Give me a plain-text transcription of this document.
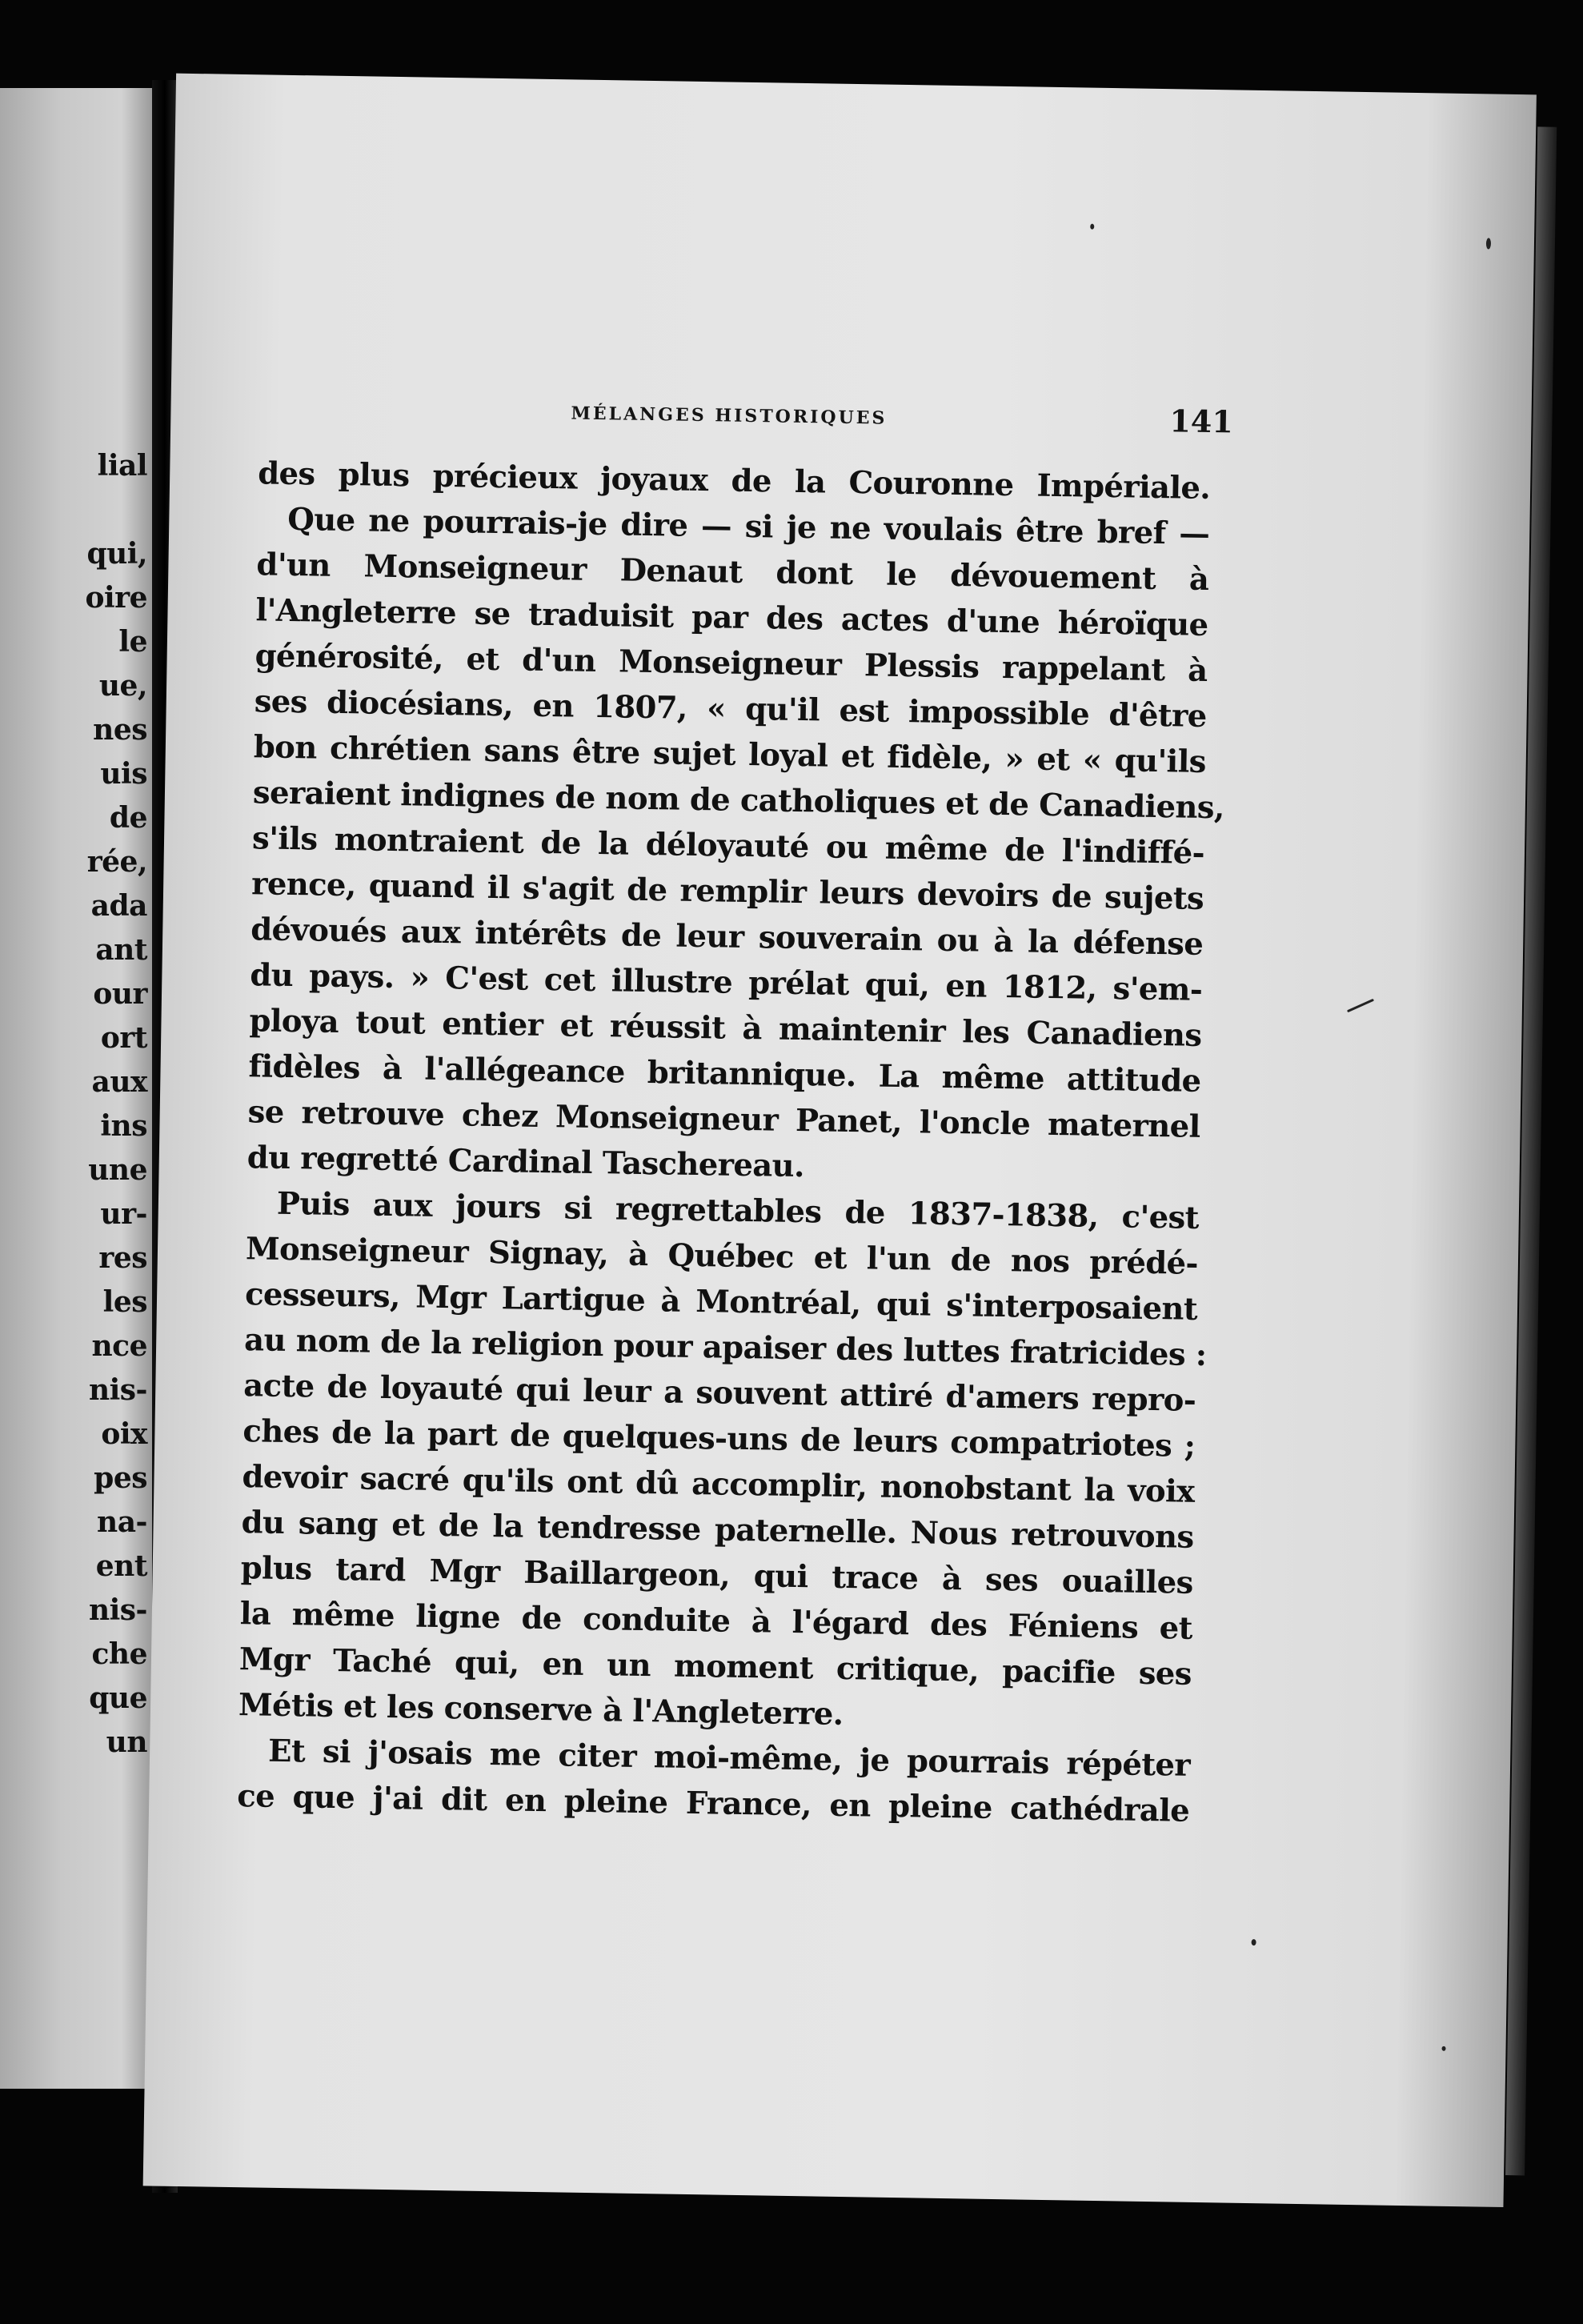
lial
qui,
oire
le
ue,
nes
uis
de
rée,
ada
ant
our
ort
aux
ins
une
ur-
res
les
nce
nis-
oix
pes
na-
ent
nis-
che
que
un
MÉLANGES HISTORIQUES	141
des plus précieux joyaux de la Couronne Impériale.
Que ne pourrais-je dire — si je ne voulais être bref —
d'un Monseigneur Denaut dont le dévouement à
l'Angleterre se traduisit par des actes d'une héroïque
générosité, et d'un Monseigneur Plessis rappelant à
ses diocésians, en 1807, « qu'il est impossible d'être
bon chrétien sans être sujet loyal et fidèle, » et « qu'ils
seraient indignes de nom de catholiques et de Canadiens,
s'ils montraient de la déloyauté ou même de l'indiffé-
rence, quand il s'agit de remplir leurs devoirs de sujets
dévoués aux intérêts de leur souverain ou à la défense
du pays. » C'est cet illustre prélat qui, en 1812, s'em-
ploya tout entier et réussit à maintenir les Canadiens
fidèles à l'allégeance britannique. La même attitude
se retrouve chez Monseigneur Panet, l'oncle maternel
du regretté Cardinal Taschereau.
Puis aux jours si regrettables de 1837-1838, c'est
Monseigneur Signay, à Québec et l'un de nos prédé-
cesseurs, Mgr Lartigue à Montréal, qui s'interposaient
au nom de la religion pour apaiser des luttes fratricides :
acte de loyauté qui leur a souvent attiré d'amers repro-
ches de la part de quelques-uns de leurs compatriotes ;
devoir sacré qu'ils ont dû accomplir, nonobstant la voix
du sang et de la tendresse paternelle. Nous retrouvons
plus tard Mgr Baillargeon, qui trace à ses ouailles
la même ligne de conduite à l'égard des Féniens et
Mgr Taché qui, en un moment critique, pacifie ses
Métis et les conserve à l'Angleterre.
Et si j'osais me citer moi-même, je pourrais répéter
ce que j'ai dit en pleine France, en pleine cathédrale
